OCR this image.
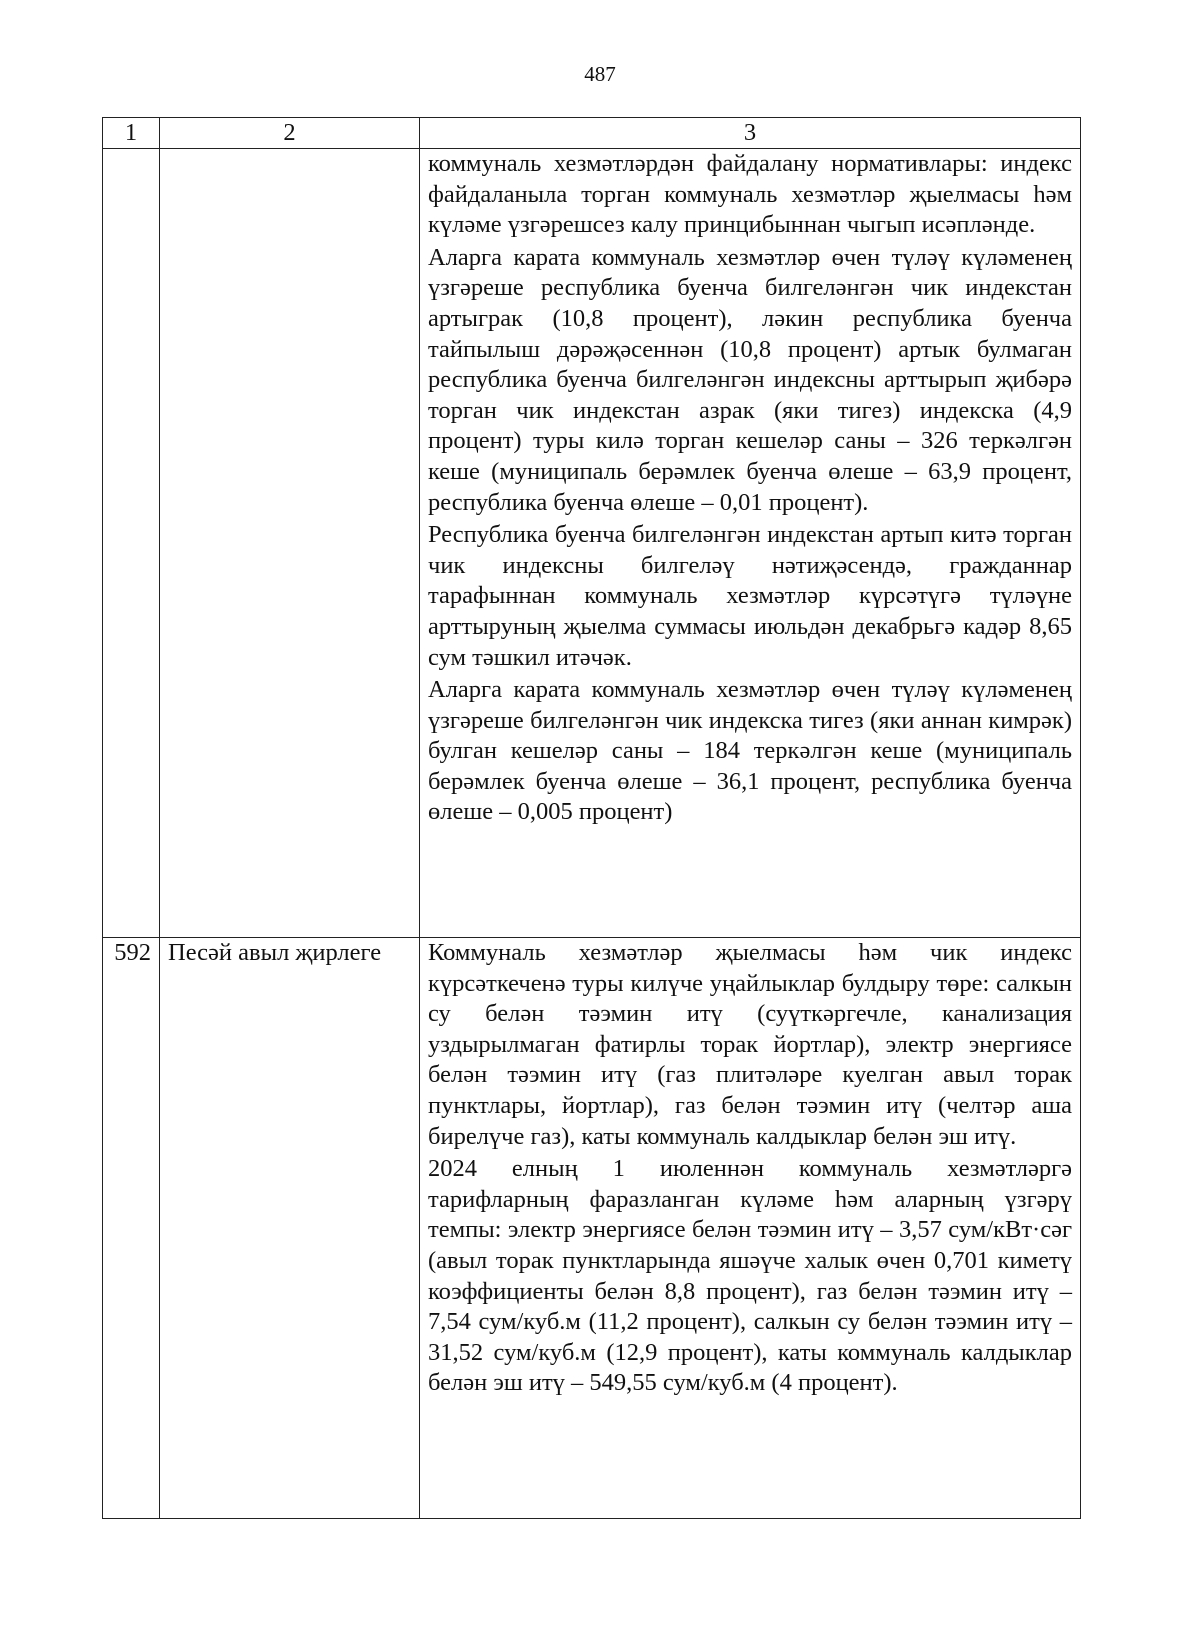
487
1	2	3

		коммуналь хезмәтләрдән файдалану нормативлары: индекс файдаланыла торган коммуналь хезмәтләр җыелмасы һәм күләме үзгәрешсез калу принцибыннан чыгып исәпләнде.

Аларга карата коммуналь хезмәтләр өчен түләү күләменең үзгәреше республика буенча билгеләнгән чик индекстан артыграк (10,8 процент), ләкин республика буенча тайпылыш дәрәҗәсеннән (10,8 процент) артык булмаган республика буенча билгеләнгән индексны арттырып җибәрә торган чик индекстан азрак (яки тигез) индекска (4,9 процент) туры килә торган кешеләр саны – 326 теркәлгән кеше (муниципаль берәмлек буенча өлеше – 63,9 процент, республика буенча өлеше – 0,01 процент).

Республика буенча билгеләнгән индекстан артып китә торган чик индексны билгеләү нәтиҗәсендә, гражданнар тарафыннан коммуналь хезмәтләр күрсәтүгә түләүне арттыруның җыелма суммасы июльдән декабрьгә кадәр 8,65 сум тәшкил итәчәк.

Аларга карата коммуналь хезмәтләр өчен түләү күләменең үзгәреше билгеләнгән чик индекска тигез (яки аннан кимрәк) булган кешеләр саны – 184 теркәлгән кеше (муниципаль берәмлек буенча өлеше – 36,1 процент, республика буенча өлеше – 0,005 процент)

592	Песәй авыл җирлеге	Коммуналь хезмәтләр җыелмасы һәм чик индекс күрсәткеченә туры килүче уңайлыклар булдыру төре: салкын су белән тәэмин итү (суүткәргечле, канализация уздырылмаган фатирлы торак йортлар), электр энергиясе белән тәэмин итү (газ плитәләре куелган авыл торак пунктлары, йортлар), газ белән тәэмин итү (челтәр аша бирелүче газ), каты коммуналь калдыклар белән эш итү.

2024 елның 1 июленнән коммуналь хезмәтләргә тарифларның фаразланган күләме һәм аларның үзгәрү темпы: электр энергиясе белән тәэмин итү – 3,57 сум/кВт·сәг (авыл торак пунктларында яшәүче халык өчен 0,701 киметү коэффициенты белән 8,8 процент), газ белән тәэмин итү – 7,54 сум/куб.м (11,2 процент), салкын су белән тәэмин итү – 31,52 сум/куб.м (12,9 процент), каты коммуналь калдыклар белән эш итү – 549,55 сум/куб.м (4 процент).
